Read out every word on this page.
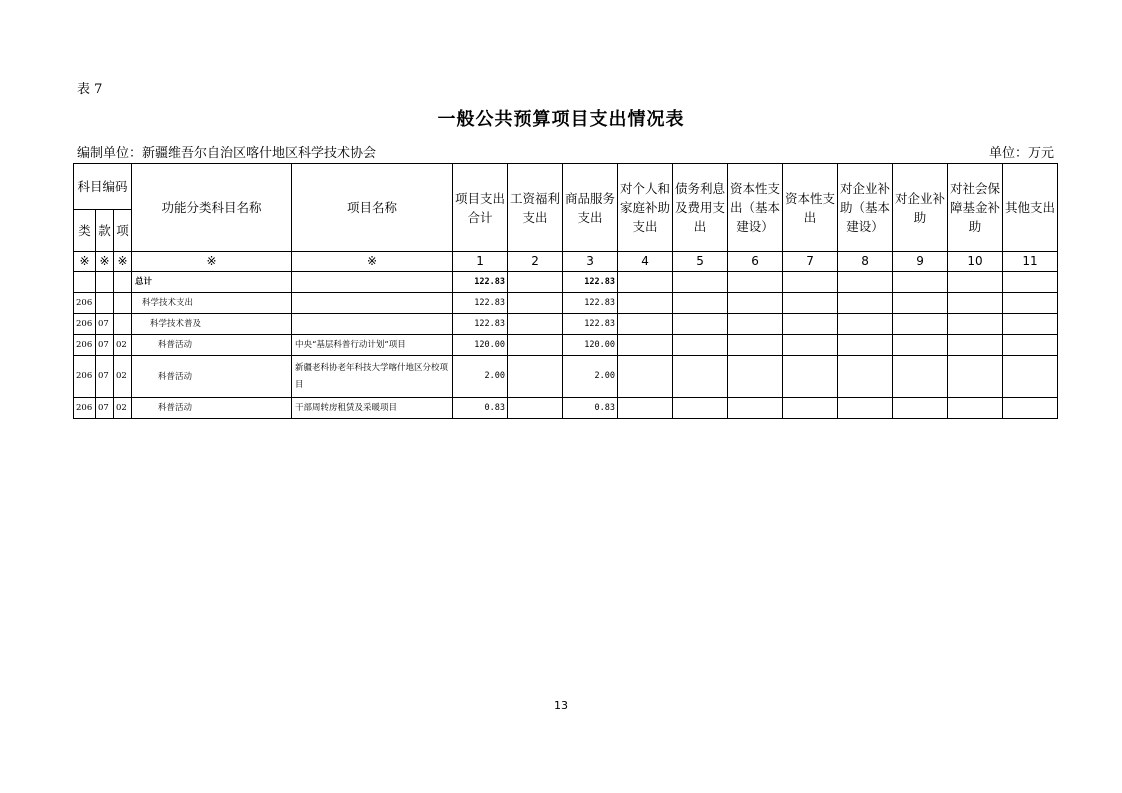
表 7
一般公共预算项目支出情况表
编制单位：新疆维吾尔自治区喀什地区科学技术协会	单位：万元
科目编码			功能分类科目名称	项目名称	项目支出合计	工资福利支出	商品服务支出	对个人和家庭补助支出	债务利息及费用支出	资本性支出（基本建设）	资本性支出	对企业补助（基本建设）	对企业补助	对社会保障基金补助	其他支出
类	款	项													
※	※	※	※	※	1	2	3	4	5	6	7	8	9	10	11
			总计		122.83		122.83								
206			科学技术支出		122.83		122.83								
206	07		科学技术普及		122.83		122.83								
206	07	02	科普活动	中央“基层科普行动计划”项目	120.00		120.00								
206	07	02	科普活动	新疆老科协老年科技大学喀什地区分校项目	2.00		2.00								
206	07	02	科普活动	干部周转房租赁及采暖项目	0.83		0.83								
13
